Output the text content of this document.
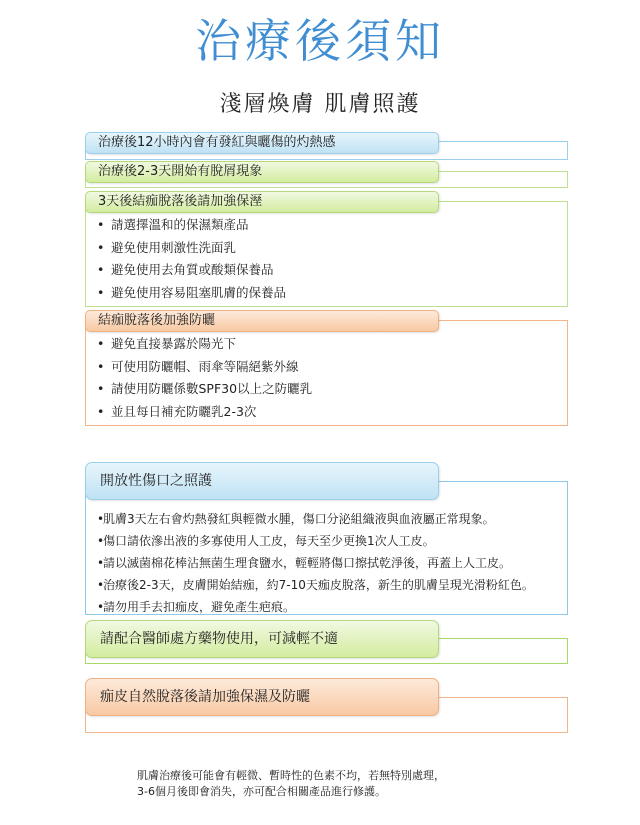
治療後須知
淺層煥膚 肌膚照護
治療後12小時內會有發紅與曬傷的灼熱感
治療後2-3天開始有脫屑現象
3天後結痂脫落後請加強保溼
• 請選擇溫和的保濕類產品
• 避免使用刺激性洗面乳
• 避免使用去角質或酸類保養品
• 避免使用容易阻塞肌膚的保養品
結痂脫落後加強防曬
• 避免直接暴露於陽光下
• 可使用防曬帽、雨傘等隔絕紫外線
• 請使用防曬係數SPF30以上之防曬乳
• 並且每日補充防曬乳2-3次
開放性傷口之照護
• 肌膚3天左右會灼熱發紅與輕微水腫，傷口分泌組織液與血液屬正常現象。
• 傷口請依滲出液的多寡使用人工皮，每天至少更換1次人工皮。
• 請以滅菌棉花棒沾無菌生理食鹽水，輕輕將傷口擦拭乾淨後，再蓋上人工皮。
• 治療後2-3天，皮膚開始結痂，約7-10天痂皮脫落，新生的肌膚呈現光滑粉紅色。
• 請勿用手去扣痂皮，避免產生疤痕。
請配合醫師處方藥物使用，可減輕不適
痂皮自然脫落後請加強保濕及防曬
肌膚治療後可能會有輕微、暫時性的色素不均，若無特別處理，
3-6個月後即會消失，亦可配合相關產品進行修護。
